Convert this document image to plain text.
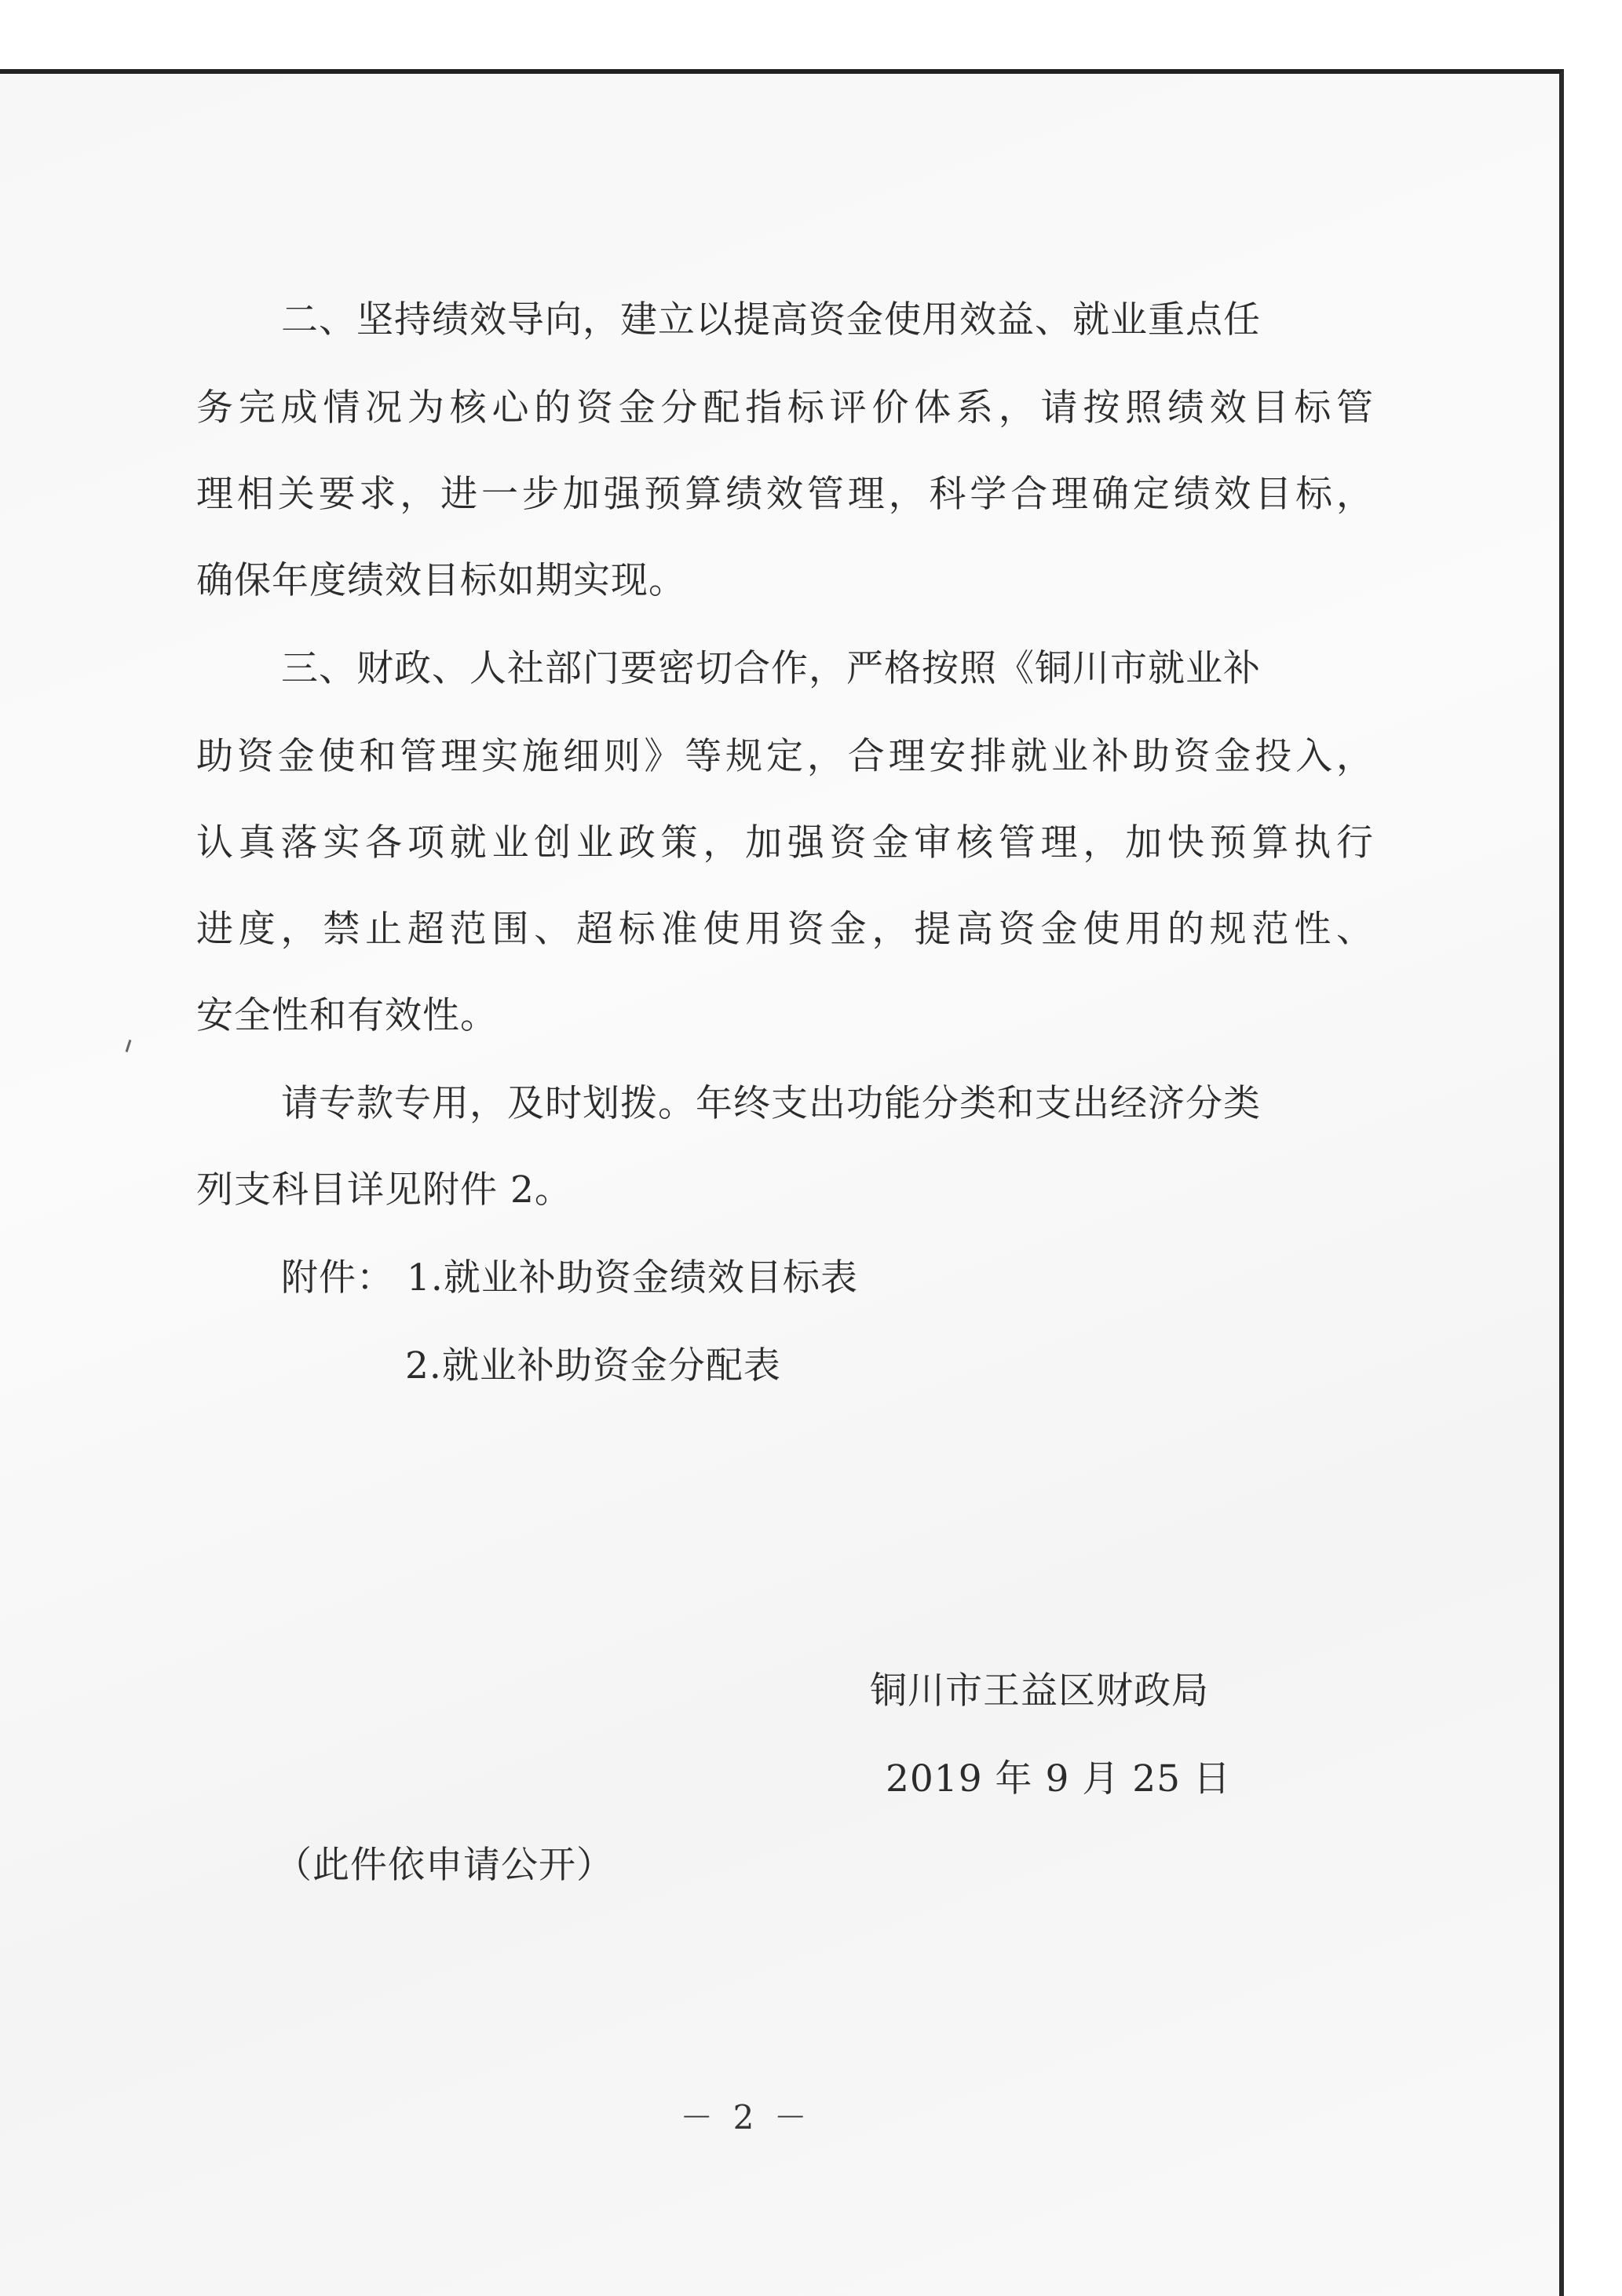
二、坚持绩效导向，建立以提高资金使用效益、就业重点任
务完成情况为核心的资金分配指标评价体系，请按照绩效目标管
理相关要求，进一步加强预算绩效管理，科学合理确定绩效目标，
确保年度绩效目标如期实现。
三、财政、人社部门要密切合作，严格按照《铜川市就业补
助资金使和管理实施细则》等规定，合理安排就业补助资金投入，
认真落实各项就业创业政策，加强资金审核管理，加快预算执行
进度，禁止超范围、超标准使用资金，提高资金使用的规范性、
安全性和有效性。
请专款专用，及时划拨。年终支出功能分类和支出经济分类
列支科目详见附件 2。
附件： 1.就业补助资金绩效目标表
2.就业补助资金分配表
铜川市王益区财政局
2019 年 9 月 25 日
（此件依申请公开）
－ 2 －
